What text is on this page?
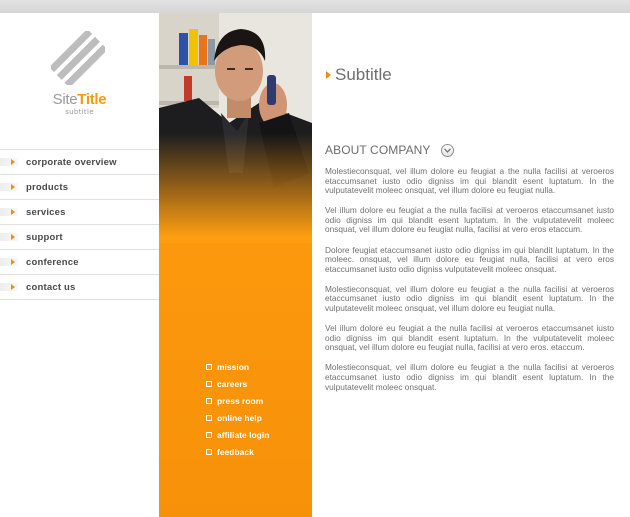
SiteTitle
subtitle
corporate overview
products
services
support
conference
contact us
mission
careers
press room
online help
affiliate login
feedback
Subtitle
ABOUT COMPANY

Molestieconsquat, vel illum dolore eu feugiat a the nulla facilisi at veroeros etaccumsanet iusto odio digniss im qui blandit esent luptatum. In the vulputatevelit moleec onsquat, vel illum dolore eu feugiat nulla.

Vel illum dolore eu feugiat a the nulla facilisi at veroeros etaccumsanet iusto odio digniss im qui blandit esent luptatum. In the vulputatevelit moleec onsquat, vel illum dolore eu feugiat nulla, facilisi at vero eros etaccum.

Dolore feugiat etaccumsanet iusto odio digniss im qui blandit luptatum. In the moleec. onsquat, vel illum dolore eu feugiat nulla, facilisi at vero eros etaccumsanet iusto odio digniss vulputatevelit moleec onsquat.

Molestieconsquat, vel illum dolore eu feugiat a the nulla facilisi at veroeros etaccumsanet iusto odio digniss im qui blandit esent luptatum. In the vulputatevelit moleec onsquat, vel illum dolore eu feugiat nulla.

Vel illum dolore eu feugiat a the nulla facilisi at veroeros etaccumsanet iusto odio digniss im qui blandit esent luptatum. In the vulputatevelit moleec onsquat, vel illum dolore eu feugiat nulla, facilisi at vero eros. etaccum.

Molestieconsquat, vel illum dolore eu feugiat a the nulla facilisi at veroeros etaccumsanet iusto odio digniss im qui blandit esent luptatum. In the vulputatevelit moleec onsquat.
